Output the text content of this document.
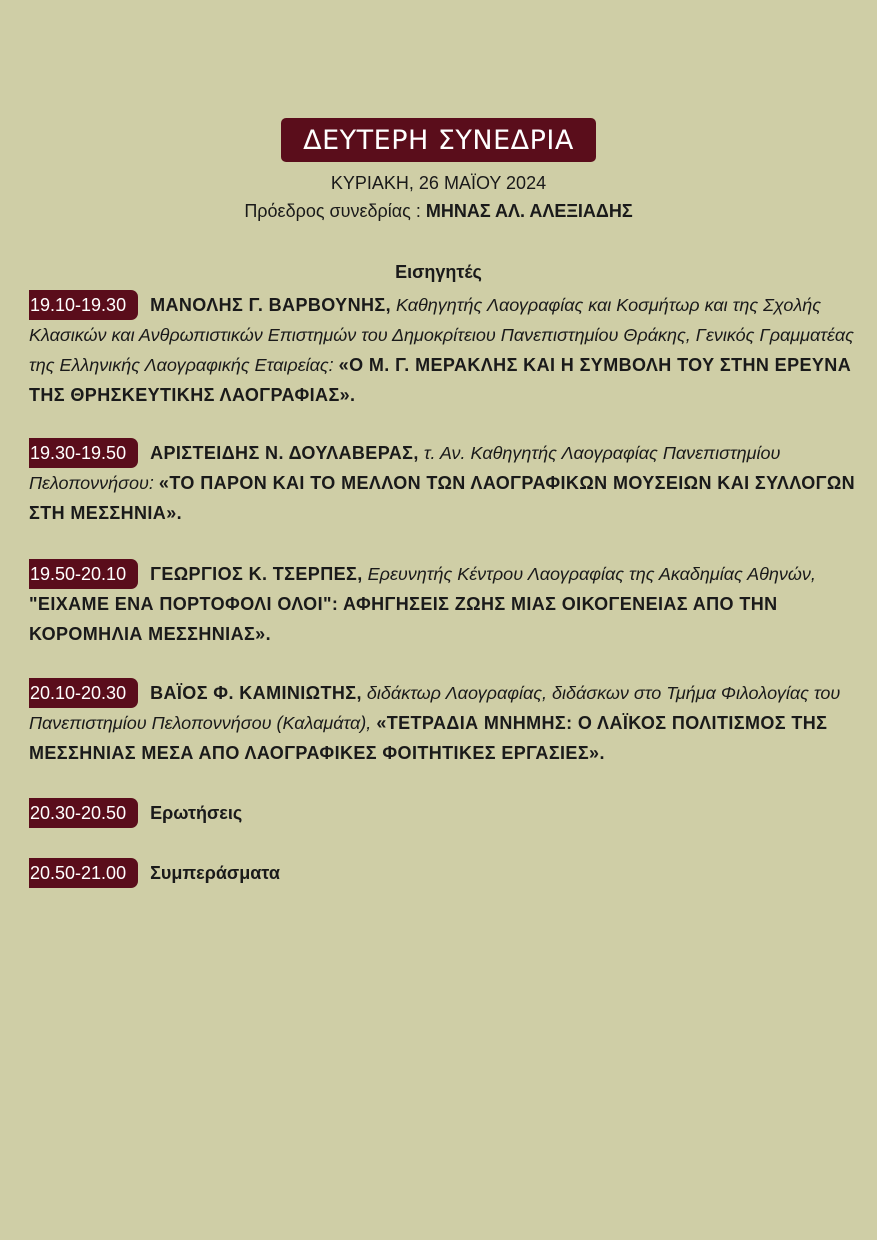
ΔΕΥΤΕΡΗ ΣΥΝΕΔΡΙΑ
ΚΥΡΙΑΚΗ, 26 ΜΑΪΟΥ 2024
Πρόεδρος συνεδρίας : ΜΗΝΑΣ ΑΛ. ΑΛΕΞΙΑΔΗΣ
Εισηγητές
19.10-19.30 ΜΑΝΟΛΗΣ Γ. ΒΑΡΒΟΥΝΗΣ, Καθηγητής Λαογραφίας και Κοσμήτωρ και της Σχολής Κλασικών και Ανθρωπιστικών Επιστημών του Δημοκρίτειου Πανεπιστημίου Θράκης, Γενικός Γραμματέας της Ελληνικής Λαογραφικής Εταιρείας: «Ο Μ. Γ. ΜΕΡΑΚΛΗΣ ΚΑΙ Η ΣΥΜΒΟΛΗ ΤΟΥ ΣΤΗΝ ΕΡΕΥΝΑ ΤΗΣ ΘΡΗΣΚΕΥΤΙΚΗΣ ΛΑΟΓΡΑΦΙΑΣ».
19.30-19.50 ΑΡΙΣΤΕΙΔΗΣ Ν. ΔΟΥΛΑΒΕΡΑΣ, τ. Αν. Καθηγητής Λαογραφίας Πανεπιστημίου Πελοποννήσου: «ΤΟ ΠΑΡΟΝ ΚΑΙ ΤΟ ΜΕΛΛΟΝ ΤΩΝ ΛΑΟΓΡΑΦΙΚΩΝ ΜΟΥΣΕΙΩΝ ΚΑΙ ΣΥΛΛΟΓΩΝ ΣΤΗ ΜΕΣΣΗΝΙΑ».
19.50-20.10 ΓΕΩΡΓΙΟΣ Κ. ΤΣΕΡΠΕΣ, Ερευνητής Κέντρου Λαογραφίας της Ακαδημίας Αθηνών, "ΕΙΧΑΜΕ ΕΝΑ ΠΟΡΤΟΦΟΛΙ ΟΛΟΙ": ΑΦΗΓΗΣΕΙΣ ΖΩΗΣ ΜΙΑΣ ΟΙΚΟΓΕΝΕΙΑΣ ΑΠΟ ΤΗΝ ΚΟΡΟΜΗΛΙΑ ΜΕΣΣΗΝΙΑΣ».
20.10-20.30 ΒΑΪΟΣ Φ. ΚΑΜΙΝΙΩΤΗΣ, διδάκτωρ Λαογραφίας, διδάσκων στο Τμήμα Φιλολογίας του Πανεπιστημίου Πελοποννήσου (Καλαμάτα), «ΤΕΤΡΑΔΙΑ ΜΝΗΜΗΣ: Ο ΛΑΪΚΟΣ ΠΟΛΙΤΙΣΜΟΣ ΤΗΣ ΜΕΣΣΗΝΙΑΣ ΜΕΣΑ ΑΠΟ ΛΑΟΓΡΑΦΙΚΕΣ ΦΟΙΤΗΤΙΚΕΣ ΕΡΓΑΣΙΕΣ».
20.30-20.50 Ερωτήσεις
20.50-21.00 Συμπεράσματα
